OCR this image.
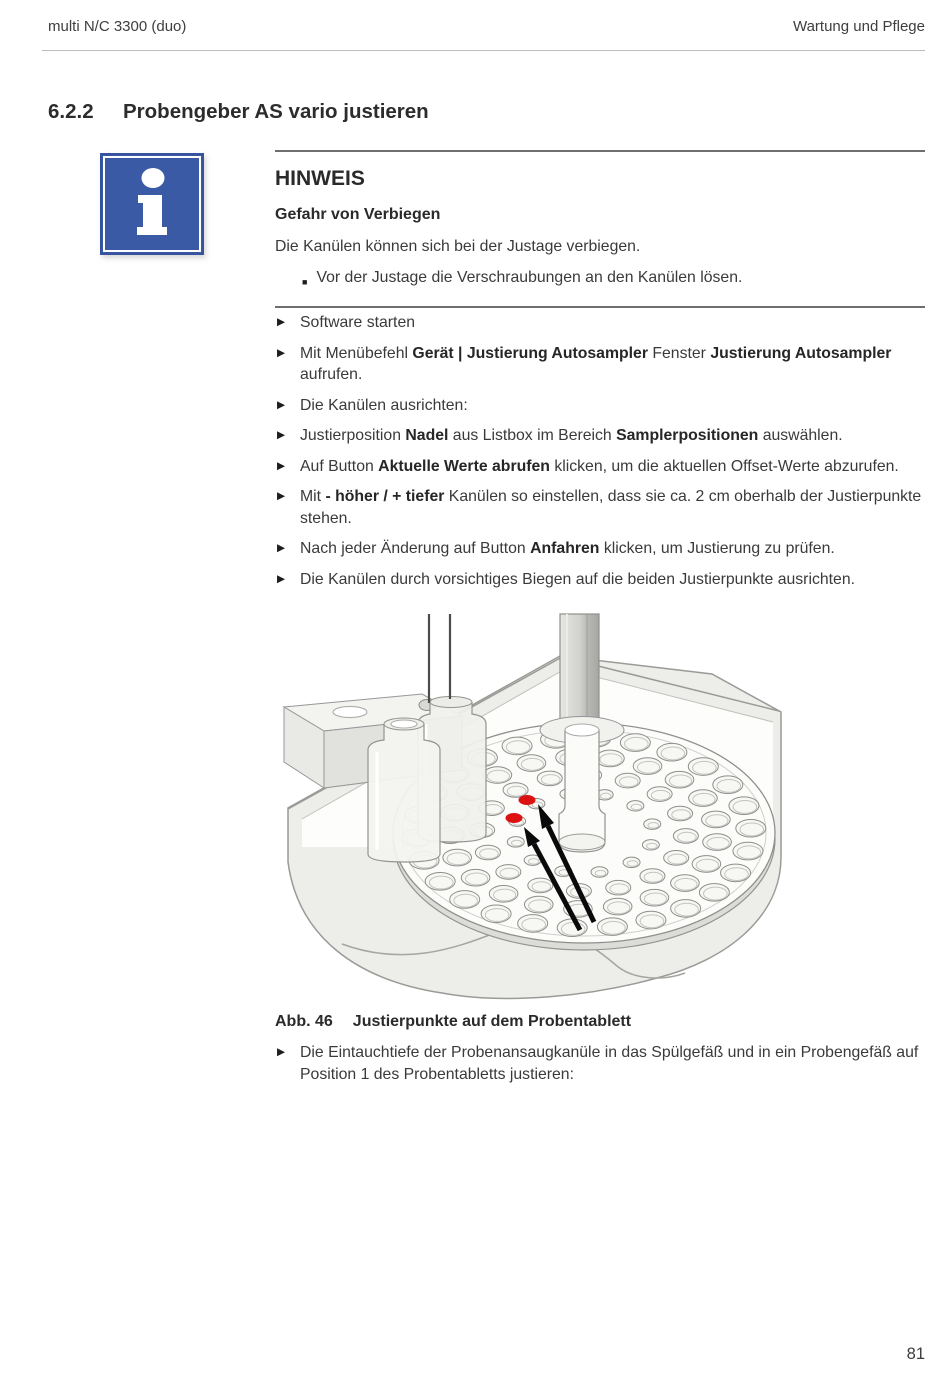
multi N/C 3300 (duo)	Wartung und Pflege
6.2.2	Probengeber AS vario justieren
HINWEIS
Gefahr von Verbiegen
Die Kanülen können sich bei der Justage verbiegen.
■ Vor der Justage die Verschraubungen an den Kanülen lösen.
▶ Software starten

▶ Mit Menübefehl Gerät | Justierung Autosampler Fenster Justierung Autosampler aufrufen.

▶ Die Kanülen ausrichten:

▶ Justierposition Nadel aus Listbox im Bereich Samplerpositionen auswählen.

▶ Auf Button Aktuelle Werte abrufen klicken, um die aktuellen Offset-Werte abzurufen.

▶ Mit - höher / + tiefer Kanülen so einstellen, dass sie ca. 2 cm oberhalb der Justierpunkte stehen.

▶ Nach jeder Änderung auf Button Anfahren klicken, um Justierung zu prüfen.

▶ Die Kanülen durch vorsichtiges Biegen auf die beiden Justierpunkte ausrichten.

Abb. 46 Justierpunkte auf dem Probentablett
▶ Die Eintauchtiefe der Probenansaugkanüle in das Spülgefäß und in ein Probengefäß auf Position 1 des Probentabletts justieren:

81
